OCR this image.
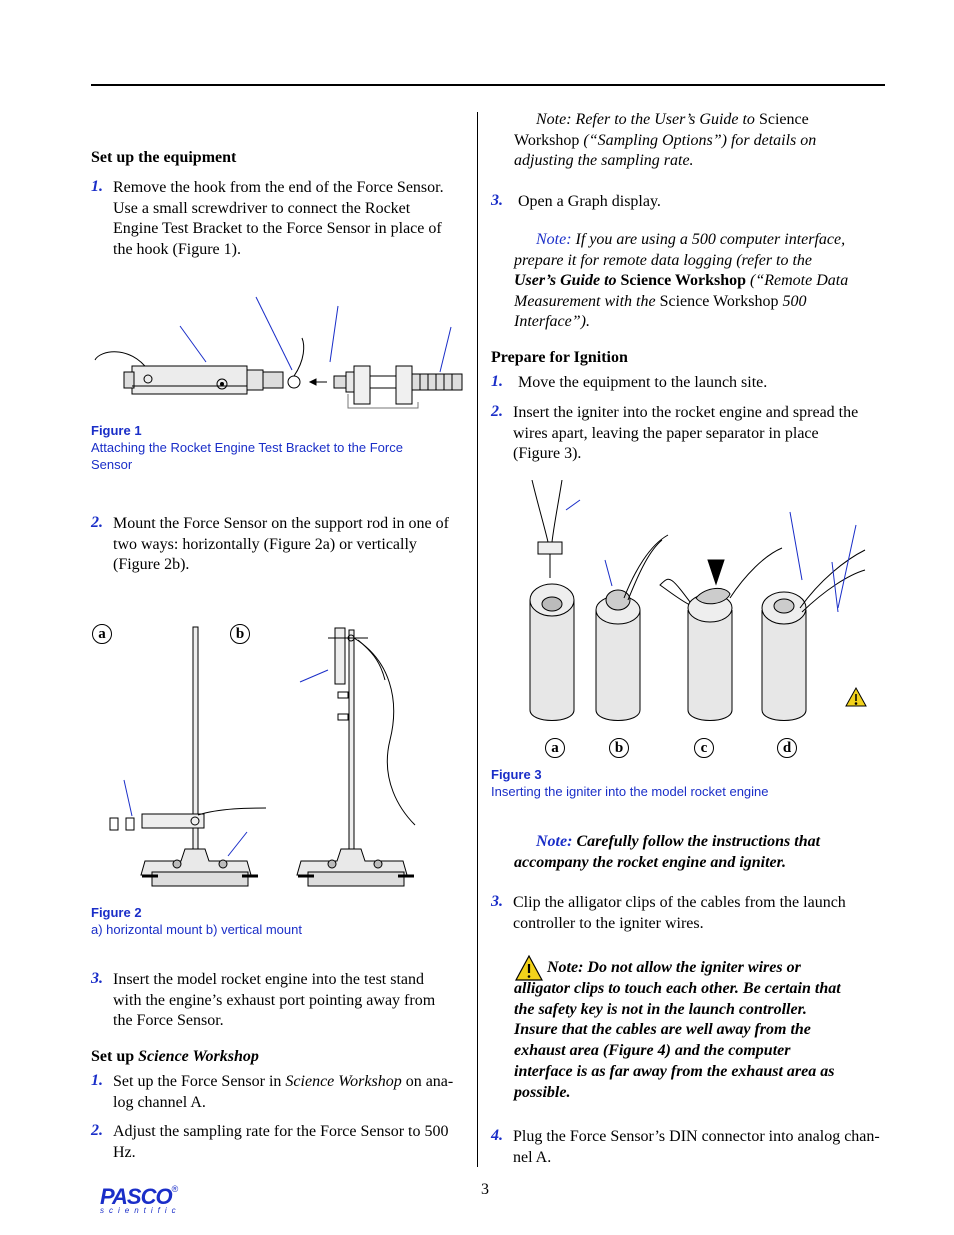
Set up the equipment
1. Remove the hook from the end of the Force Sensor.
Use a small screwdriver to connect the Rocket
Engine Test Bracket to the Force Sensor in place of
the hook (Figure 1).
Figure 1
Attaching the Rocket Engine Test Bracket to the Force
Sensor
2. Mount the Force Sensor on the support rod in one of
two ways: horizontally (Figure 2a) or vertically
(Figure 2b).
a	b
Figure 2
a) horizontal mount b) vertical mount
3. Insert the model rocket engine into the test stand
with the engine’s exhaust port pointing away from
the Force Sensor.
Set up Science Workshop
1. Set up the Force Sensor in Science Workshop on ana-
log channel A.
2. Adjust the sampling rate for the Force Sensor to 500
Hz.
Note: Refer to the User’s Guide to Science
Workshop (“Sampling Options”) for details on
adjusting the sampling rate.
3. Open a Graph display.
Note: If you are using a 500 computer interface,
prepare it for remote data logging (refer to the
User’s Guide to Science Workshop (“Remote Data
Measurement with the Science Workshop 500
Interface”).
Prepare for Ignition
1. Move the equipment to the launch site.
2. Insert the igniter into the rocket engine and spread the
wires apart, leaving the paper separator in place
(Figure 3).
a	b	c	d
Figure 3
Inserting the igniter into the model rocket engine
Note: Carefully follow the instructions that
accompany the rocket engine and igniter.
3. Clip the alligator clips of the cables from the launch
controller to the igniter wires.
Note: Do not allow the igniter wires or
alligator clips to touch each other. Be certain that
the safety key is not in the launch controller.
Insure that the cables are well away from the
exhaust area (Figure 4) and the computer
interface is as far away from the exhaust area as
possible.
4. Plug the Force Sensor’s DIN connector into analog chan-
nel A.
3
PASCO®
scientific
